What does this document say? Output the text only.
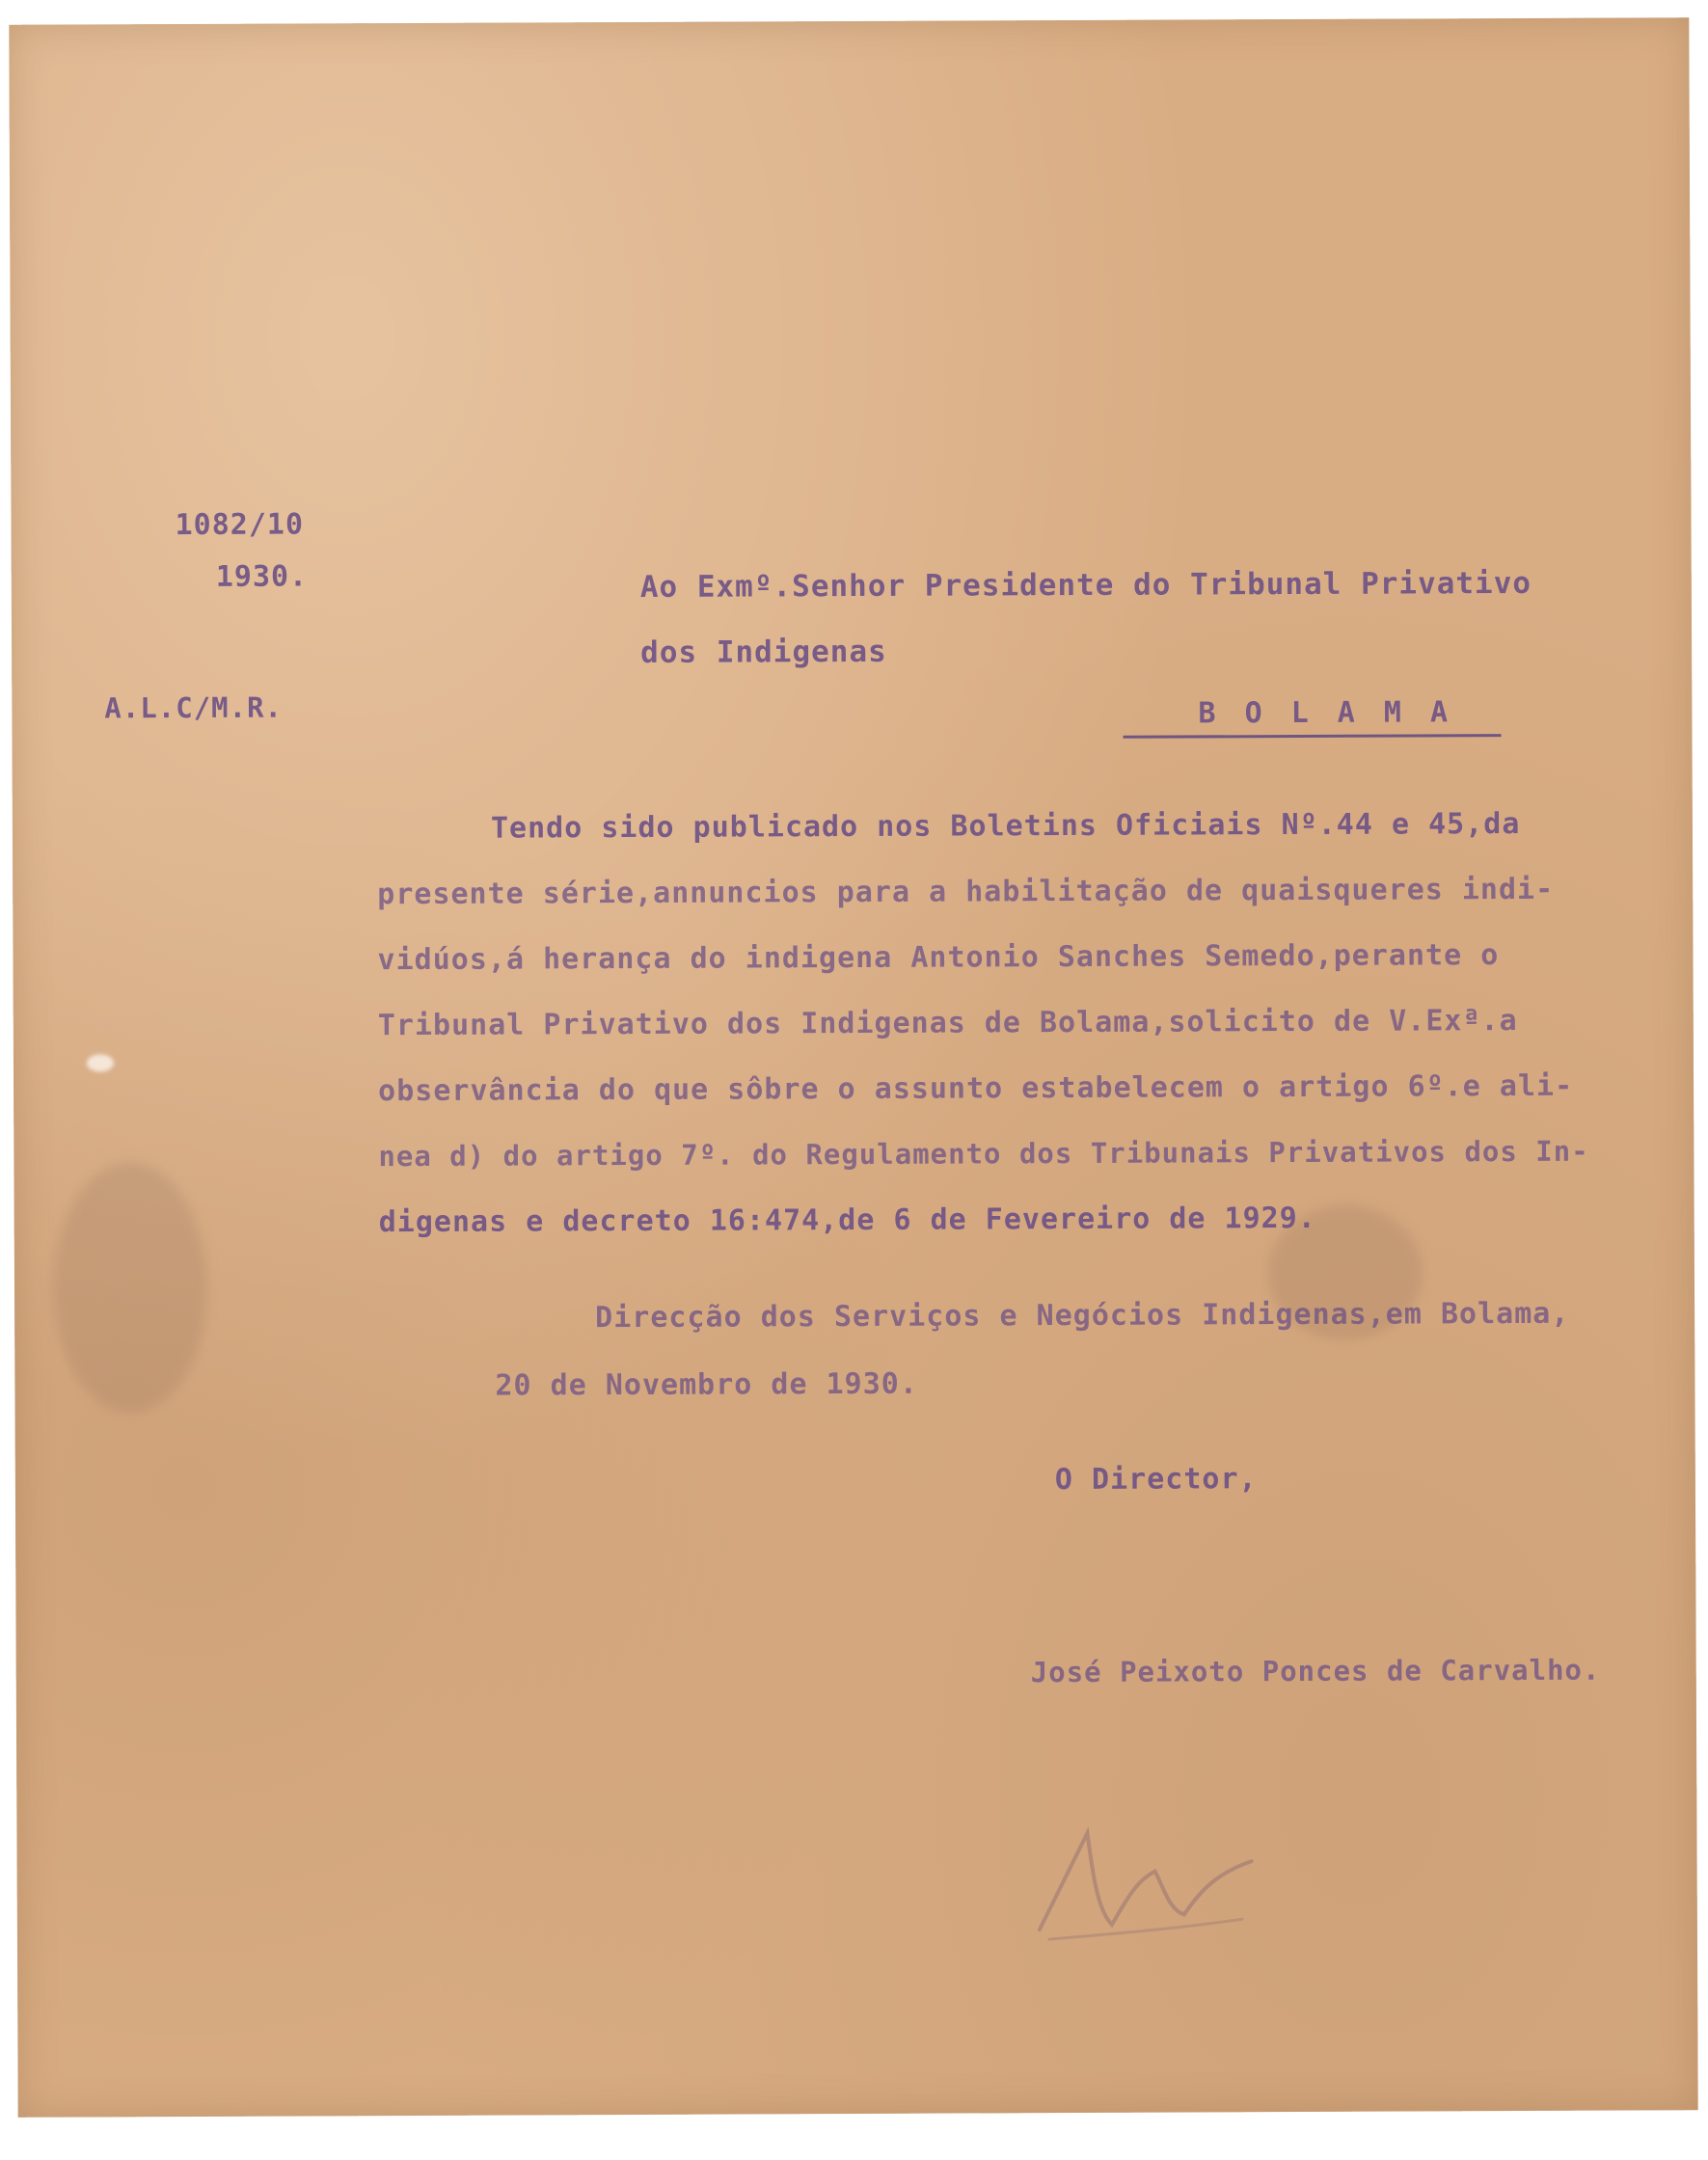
1082/10
1930.
A.L.C/M.R.
Ao Exmº.Senhor Presidente do Tribunal Privativo
dos Indigenas
B O L A M A
Tendo sido publicado nos Boletins Oficiais Nº.44 e 45,da
presente série,annuncios para a habilitação de quaisqueres indi-
vidúos,á herança do indigena Antonio Sanches Semedo,perante o
Tribunal Privativo dos Indigenas de Bolama,solicito de V.Exª.a
observância do que sôbre o assunto estabelecem o artigo 6º.e ali-
nea d) do artigo 7º. do Regulamento dos Tribunais Privativos dos In-
digenas e decreto 16:474,de 6 de Fevereiro de 1929.
Direcção dos Serviços e Negócios Indigenas,em Bolama,
20 de Novembro de 1930.
O Director,
José Peixoto Ponces de Carvalho.
